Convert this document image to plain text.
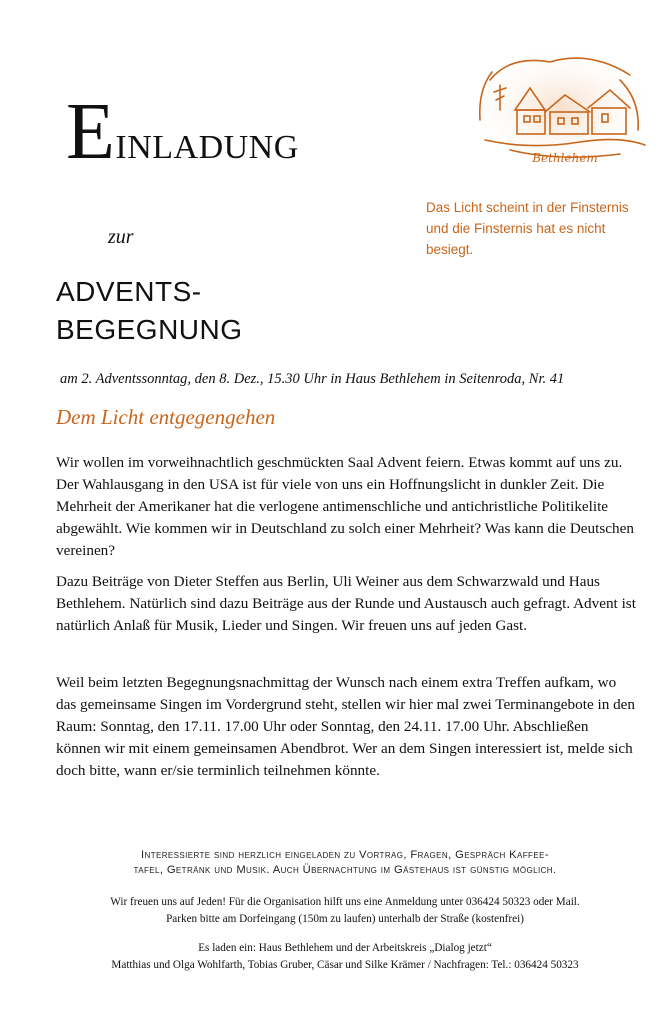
EINLADUNG
zur
ADVENTS-
BEGEGNUNG
Bethlehem
Das Licht scheint in der Finsternis
und die Finsternis hat es nicht
besiegt.
am 2. Adventssonntag, den 8. Dez., 15.30 Uhr in Haus Bethlehem in Seitenroda, Nr. 41
Dem Licht entgegengehen

Wir wollen im vorweihnachtlich geschmückten Saal Advent feiern. Etwas kommt auf uns zu. Der Wahlausgang in den USA ist für viele von uns ein Hoffnungslicht in dunkler Zeit. Die Mehrheit der Amerikaner hat die verlogene antimenschliche und antichristliche Politikelite abgewählt. Wie kommen wir in Deutschland zu solch einer Mehrheit? Was kann die Deutschen vereinen?

Dazu Beiträge von Dieter Steffen aus Berlin, Uli Weiner aus dem Schwarzwald und Haus Bethlehem. Natürlich sind dazu Beiträge aus der Runde und Austausch auch gefragt. Advent ist natürlich Anlaß für Musik, Lieder und Singen. Wir freuen uns auf jeden Gast.

Weil beim letzten Begegnungsnachmittag der Wunsch nach einem extra Treffen aufkam, wo das gemeinsame Singen im Vordergrund steht, stellen wir hier mal zwei Terminangebote in den Raum: Sonntag, den 17.11. 17.00 Uhr oder Sonntag, den 24.11. 17.00 Uhr. Abschließen können wir mit einem gemeinsamen Abendbrot. Wer an dem Singen interessiert ist, melde sich doch bitte, wann er/sie terminlich teilnehmen könnte.

Interessierte sind herzlich eingeladen zu Vortrag, Fragen, Gespräch Kaffee-
tafel, Getränk und Musik. Auch Übernachtung im Gästehaus ist günstig möglich.
Wir freuen uns auf Jeden! Für die Organisation hilft uns eine Anmeldung unter 036424 50323 oder Mail.
Parken bitte am Dorfeingang (150m zu laufen) unterhalb der Straße (kostenfrei)
Es laden ein: Haus Bethlehem und der Arbeitskreis „Dialog jetzt“
Matthias und Olga Wohlfarth, Tobias Gruber, Cäsar und Silke Krämer / Nachfragen: Tel.: 036424 50323
